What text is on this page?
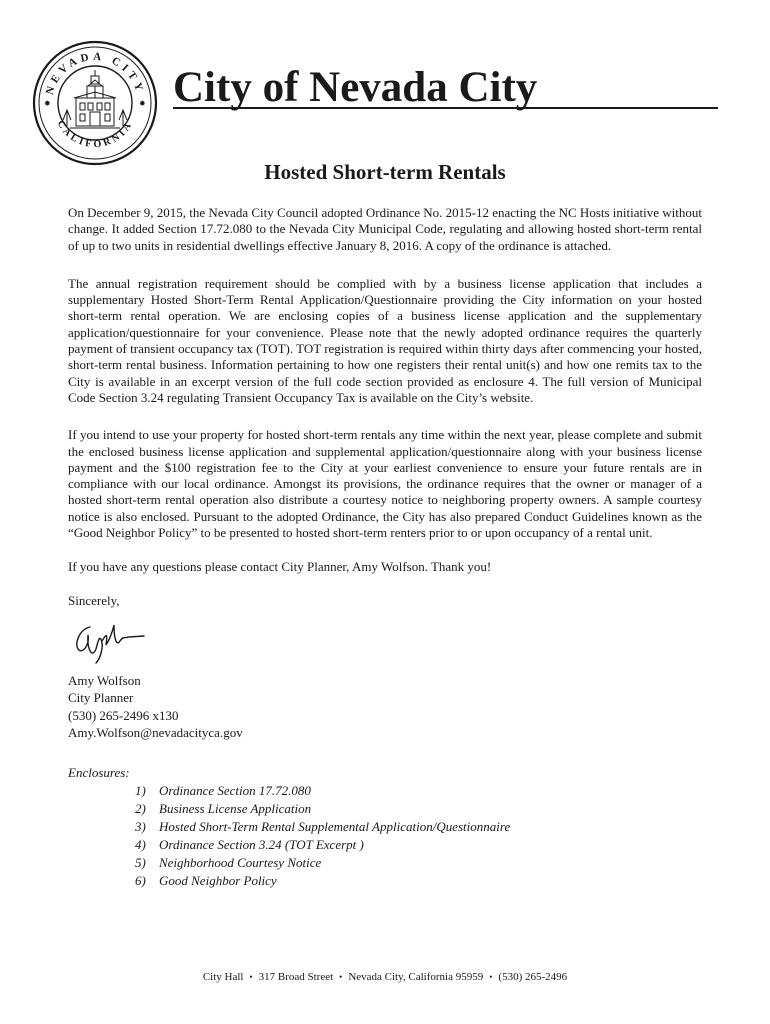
NEVADA CITY
CALIFORNIA
✸	✸ City of Nevada City
Hosted Short-term Rentals

On December 9, 2015, the Nevada City Council adopted Ordinance No. 2015-12 enacting the NC Hosts initiative without change. It added Section 17.72.080 to the Nevada City Municipal Code, regulating and allowing hosted short-term rental of up to two units in residential dwellings effective January 8, 2016. A copy of the ordinance is attached.

The annual registration requirement should be complied with by a business license application that includes a supplementary Hosted Short-Term Rental Application/Questionnaire providing the City information on your hosted short-term rental operation. We are enclosing copies of a business license application and the supplementary application/questionnaire for your convenience. Please note that the newly adopted ordinance requires the quarterly payment of transient occupancy tax (TOT). TOT registration is required within thirty days after commencing your hosted, short-term rental business. Information pertaining to how one registers their rental unit(s) and how one remits tax to the City is available in an excerpt version of the full code section provided as enclosure 4. The full version of Municipal Code Section 3.24 regulating Transient Occupancy Tax is available on the City’s website.

If you intend to use your property for hosted short-term rentals any time within the next year, please complete and submit the enclosed business license application and supplemental application/questionnaire along with your business license payment and the $100 registration fee to the City at your earliest convenience to ensure your future rentals are in compliance with our local ordinance. Amongst its provisions, the ordinance requires that the owner or manager of a hosted short-term rental operation also distribute a courtesy notice to neighboring property owners. A sample courtesy notice is also enclosed. Pursuant to the adopted Ordinance, the City has also prepared Conduct Guidelines known as the “Good Neighbor Policy” to be presented to hosted short-term renters prior to or upon occupancy of a rental unit.

If you have any questions please contact City Planner, Amy Wolfson. Thank you!

Sincerely,

Amy Wolfson
City Planner
(530) 265-2496 x130
Amy.Wolfson@nevadacityca.gov

Enclosures:

1) Ordinance Section 17.72.080
2) Business License Application
3) Hosted Short-Term Rental Supplemental Application/Questionnaire
4) Ordinance Section 3.24 (TOT Excerpt )
5) Neighborhood Courtesy Notice
6) Good Neighbor Policy
City Hall • 317 Broad Street • Nevada City, California 95959 • (530) 265-2496
